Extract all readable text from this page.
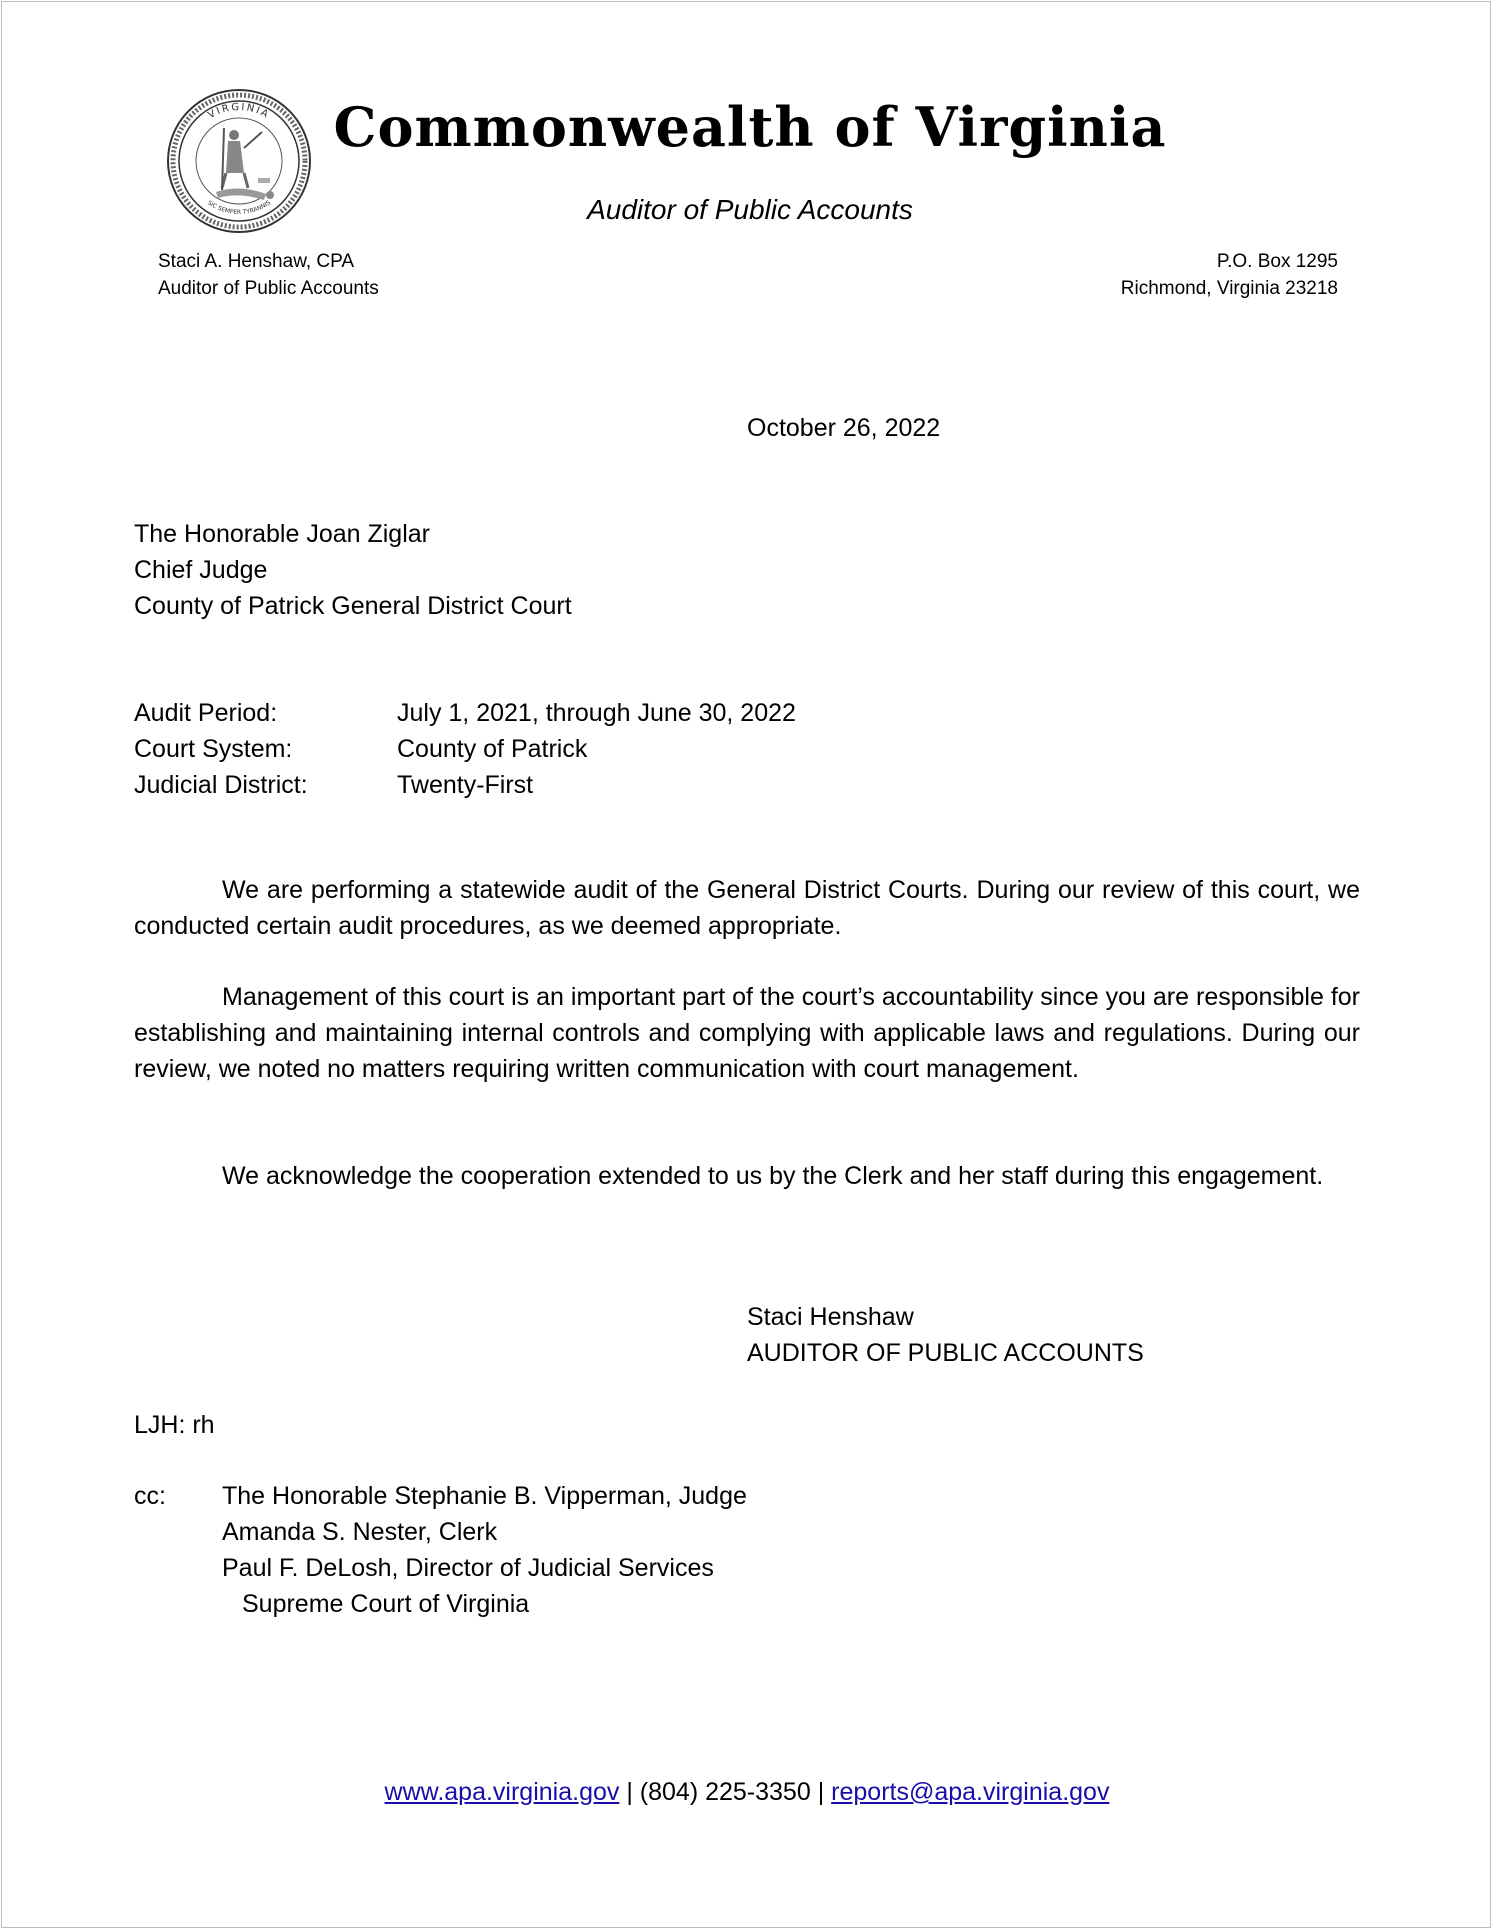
VIRGINIA
SIC SEMPER TYRANNIS
Commonwealth of Virginia
Auditor of Public Accounts
Staci A. Henshaw, CPA
Auditor of Public Accounts
P.O. Box 1295
Richmond, Virginia 23218
October 26, 2022
The Honorable Joan Ziglar
Chief Judge
County of Patrick General District Court
Audit Period:	July 1, 2021, through June 30, 2022
Court System:	County of Patrick
Judicial District:	Twenty-First
We are performing a statewide audit of the General District Courts. During our review of this court, we conducted certain audit procedures, as we deemed appropriate.
Management of this court is an important part of the court’s accountability since you are responsible for establishing and maintaining internal controls and complying with applicable laws and regulations. During our review, we noted no matters requiring written communication with court management.
We acknowledge the cooperation extended to us by the Clerk and her staff during this engagement.
Staci Henshaw
AUDITOR OF PUBLIC ACCOUNTS
LJH: rh
cc:	The Honorable Stephanie B. Vipperman, Judge
Amanda S. Nester, Clerk
Paul F. DeLosh, Director of Judicial Services
Supreme Court of Virginia
www.apa.virginia.gov | (804) 225-3350 | reports@apa.virginia.gov
